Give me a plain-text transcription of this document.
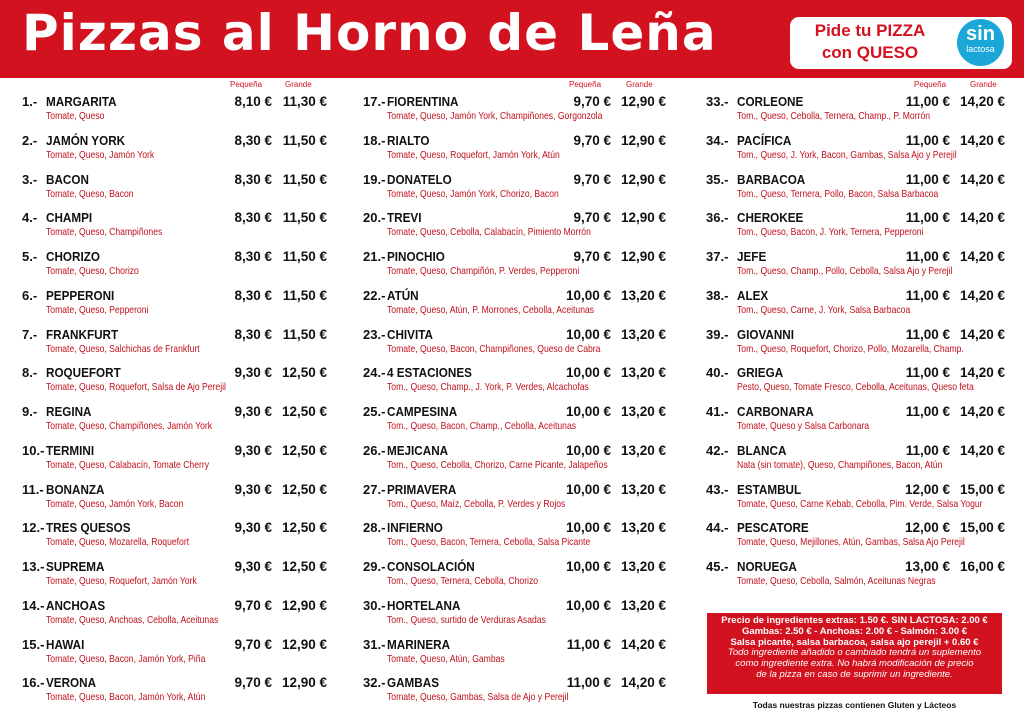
Pizzas al Horno de Leña	Pide tu PIZZA
con QUESO
sin
lactosa
Pequeña	Grande	Pequeña	Grande	Pequeña	Grande
1.- MARGARITA	8,10 € 11,30 €
Tomate, Queso
2.- JAMÓN YORK	8,30 € 11,50 €
Tomate, Queso, Jamón York
3.- BACON	8,30 € 11,50 €
Tomate, Queso, Bacon
4.- CHAMPI	8,30 € 11,50 €
Tomate, Queso, Champiñones
5.- CHORIZO	8,30 € 11,50 €
Tomate, Queso, Chorizo
6.- PEPPERONI	8,30 € 11,50 €
Tomate, Queso, Pepperoni
7.- FRANKFURT	8,30 € 11,50 €
Tomate, Queso, Salchichas de Frankfurt
8.- ROQUEFORT	9,30 € 12,50 €
Tomate, Queso, Roquefort, Salsa de Ajo Perejil
9.- REGINA	9,30 € 12,50 €
Tomate, Queso, Champiñones, Jamón York
10.- TERMINI	9,30 € 12,50 €
Tomate, Queso, Calabacín, Tomate Cherry
11.- BONANZA	9,30 € 12,50 €
Tomate, Queso, Jamón York, Bacon
12.- TRES QUESOS	9,30 € 12,50 €
Tomate, Queso, Mozarella, Roquefort
13.- SUPREMA	9,30 € 12,50 €
Tomate, Queso, Roquefort, Jamón York
14.- ANCHOAS	9,70 € 12,90 €
Tomate, Queso, Anchoas, Cebolla, Aceitunas
15.- HAWAI	9,70 € 12,90 €
Tomate, Queso, Bacon, Jamón York, Piña
16.- VERONA	9,70 € 12,90 €
Tomate, Queso, Bacon, Jamón York, Atún
17.- FIORENTINA	9,70 € 12,90 €
Tomate, Queso, Jamón York, Champiñones, Gorgonzola
18.- RIALTO	9,70 € 12,90 €
Tomate, Queso, Roquefort, Jamón York, Atún
19.- DONATELO	9,70 € 12,90 €
Tomate, Queso, Jamón York, Chorizo, Bacon
20.- TREVI	9,70 € 12,90 €
Tomate, Queso, Cebolla, Calabacín, Pimiento Morrón
21.- PINOCHIO	9,70 € 12,90 €
Tomate, Queso, Champiñón, P. Verdes, Pepperoni
22.- ATÚN	10,00 € 13,20 €
Tomate, Queso, Atún, P. Morrones, Cebolla, Aceitunas
23.- CHIVITA	10,00 € 13,20 €
Tomate, Queso, Bacon, Champiñones, Queso de Cabra
24.- 4 ESTACIONES	10,00 € 13,20 €
Tom., Queso, Champ., J. York, P. Verdes, Alcachofas
25.- CAMPESINA	10,00 € 13,20 €
Tom., Queso, Bacon, Champ., Cebolla, Aceitunas
26.- MEJICANA	10,00 € 13,20 €
Tom., Queso, Cebolla, Chorizo, Carne Picante, Jalapeños
27.- PRIMAVERA	10,00 € 13,20 €
Tom., Queso, Maíz, Cebolla, P. Verdes y Rojos
28.- INFIERNO	10,00 € 13,20 €
Tom., Queso, Bacon, Ternera, Cebolla, Salsa Picante
29.- CONSOLACIÓN	10,00 € 13,20 €
Tom., Queso, Ternera, Cebolla, Chorizo
30.- HORTELANA	10,00 € 13,20 €
Tom., Queso, surtido de Verduras Asadas
31.- MARINERA	11,00 € 14,20 €
Tomate, Queso, Atún, Gambas
32.- GAMBAS	11,00 € 14,20 €
Tomate, Queso, Gambas, Salsa de Ajo y Perejil
33.- CORLEONE	11,00 € 14,20 €
Tom., Queso, Cebolla, Ternera, Champ., P. Morrón
34.- PACÍFICA	11,00 € 14,20 €
Tom., Queso, J. York, Bacon, Gambas, Salsa Ajo y Perejil
35.- BARBACOA	11,00 € 14,20 €
Tom., Queso, Ternera, Pollo, Bacon, Salsa Barbacoa
36.- CHEROKEE	11,00 € 14,20 €
Tom., Queso, Bacon, J. York, Ternera, Pepperoni
37.- JEFE	11,00 € 14,20 €
Tom., Queso, Champ., Pollo, Cebolla, Salsa Ajo y Perejil
38.- ALEX	11,00 € 14,20 €
Tom., Queso, Carne, J. York, Salsa Barbacoa
39.- GIOVANNI	11,00 € 14,20 €
Tom., Queso, Roquefort, Chorizo, Pollo, Mozarella, Champ.
40.- GRIEGA	11,00 € 14,20 €
Pesto, Queso, Tomate Fresco, Cebolla, Aceitunas, Queso feta
41.- CARBONARA	11,00 € 14,20 €
Tomate, Queso y Salsa Carbonara
42.- BLANCA	11,00 € 14,20 €
Nata (sin tomate), Queso, Champiñones, Bacon, Atún
43.- ESTAMBUL	12,00 € 15,00 €
Tomate, Queso, Carne Kebab, Cebolla, Pim. Verde, Salsa Yogur
44.- PESCATORE	12,00 € 15,00 €
Tomate, Queso, Mejillones, Atún, Gambas, Salsa Ajo Perejil
45.- NORUEGA	13,00 € 16,00 €
Tomate, Queso, Cebolla, Salmón, Aceitunas Negras
Precio de ingredientes extras: 1.50 €. SIN LACTOSA: 2.00 €
Gambas: 2.50 € - Anchoas: 2.00 € - Salmón: 3.00 €
Salsa picante, salsa barbacoa, salsa ajo perejil + 0.60 €
Todo ingrediente añadido o cambiado tendrá un suplemento
como ingrediente extra. No habrá modificación de precio
de la pizza en caso de suprimir un ingrediente.
Todas nuestras pizzas contienen Gluten y Lácteos
